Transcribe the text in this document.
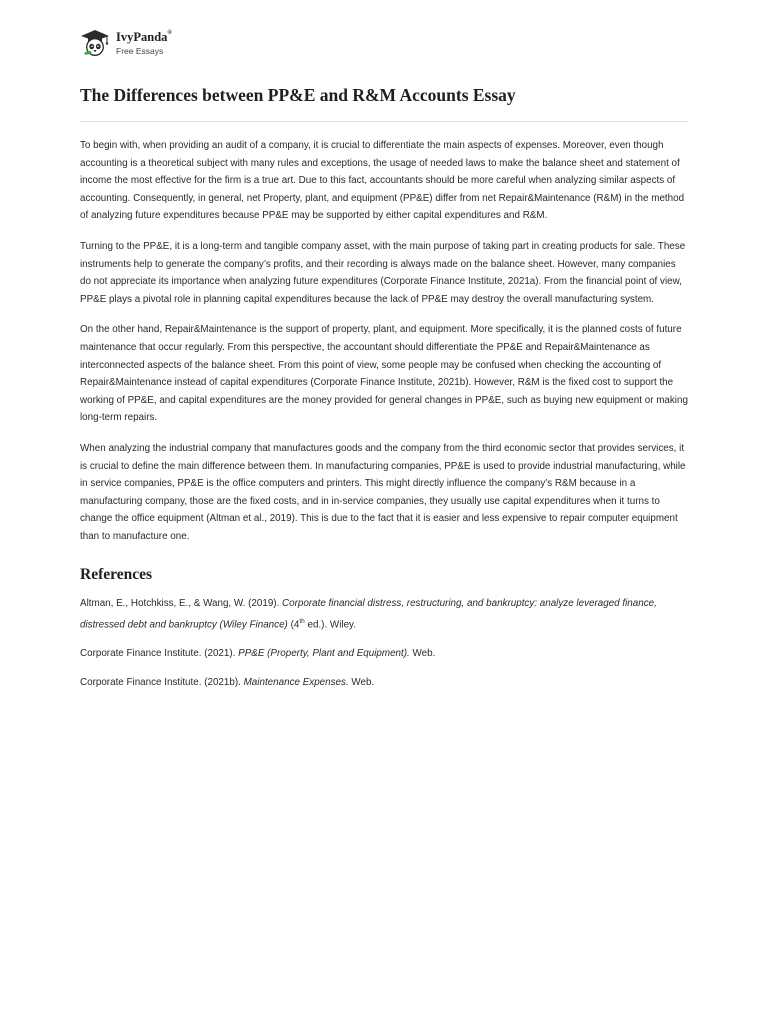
IvyPanda®
Free Essays
The Differences between PP&E and R&M Accounts Essay

To begin with, when providing an audit of a company, it is crucial to differentiate the main aspects of expenses. Moreover, even though accounting is a theoretical subject with many rules and exceptions, the usage of needed laws to make the balance sheet and statement of income the most effective for the firm is a true art. Due to this fact, accountants should be more careful when analyzing similar aspects of accounting. Consequently, in general, net Property, plant, and equipment (PP&E) differ from net Repair&Maintenance (R&M) in the method of analyzing future expenditures because PP&E may be supported by either capital expenditures and R&M.

Turning to the PP&E, it is a long-term and tangible company asset, with the main purpose of taking part in creating products for sale. These instruments help to generate the company’s profits, and their recording is always made on the balance sheet. However, many companies do not appreciate its importance when analyzing future expenditures (Corporate Finance Institute, 2021a). From the financial point of view, PP&E plays a pivotal role in planning capital expenditures because the lack of PP&E may destroy the overall manufacturing system.

On the other hand, Repair&Maintenance is the support of property, plant, and equipment. More specifically, it is the planned costs of future maintenance that occur regularly. From this perspective, the accountant should differentiate the PP&E and Repair&Maintenance as interconnected aspects of the balance sheet. From this point of view, some people may be confused when checking the accounting of Repair&Maintenance instead of capital expenditures (Corporate Finance Institute, 2021b). However, R&M is the fixed cost to support the working of PP&E, and capital expenditures are the money provided for general changes in PP&E, such as buying new equipment or making long-term repairs.

When analyzing the industrial company that manufactures goods and the company from the third economic sector that provides services, it is crucial to define the main difference between them. In manufacturing companies, PP&E is used to provide industrial manufacturing, while in service companies, PP&E is the office computers and printers. This might directly influence the company’s R&M because in a manufacturing company, those are the fixed costs, and in in-service companies, they usually use capital expenditures when it turns to change the office equipment (Altman et al., 2019). This is due to the fact that it is easier and less expensive to repair computer equipment than to manufacture one.

References

Altman, E., Hotchkiss, E., & Wang, W. (2019). Corporate financial distress, restructuring, and bankruptcy: analyze leveraged finance, distressed debt and bankruptcy (Wiley Finance) (4th ed.). Wiley.

Corporate Finance Institute. (2021). PP&E (Property, Plant and Equipment). Web.

Corporate Finance Institute. (2021b). Maintenance Expenses. Web.
